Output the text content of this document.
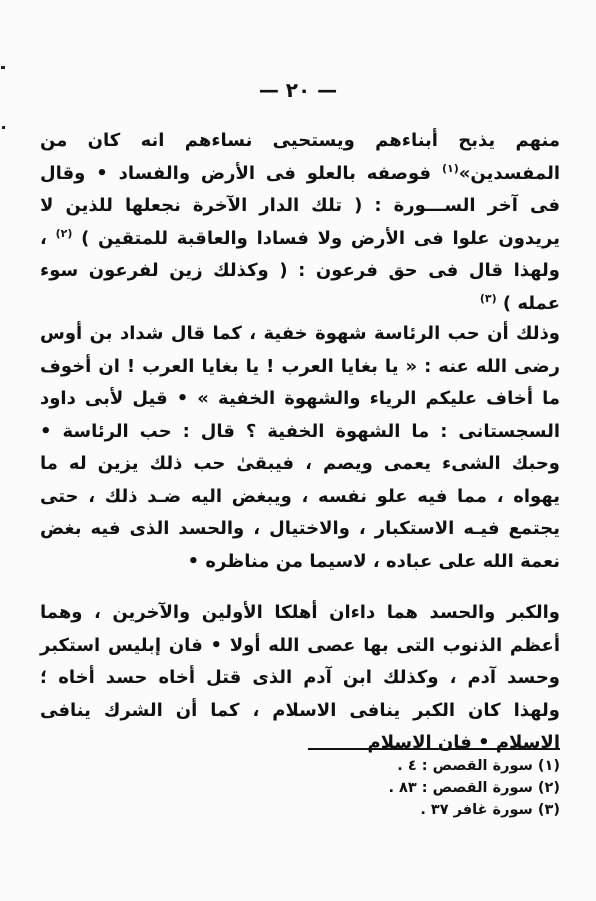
— ٢٠ —

منهم يذبح أبناءهم ويستحيى نساءهم انه كان من المفسدين»$^{(١)}$ فوصفه بالعلو فى الأرض والفساد • وقال فى آخر الســـورة : ( تلك الدار الآخرة نجعلها للذين لا يريدون علوا فى الأرض ولا فسادا والعاقبة للمتقين ) $^{(٢)}$ ، ولهذا قال فى حق فرعون : ( وكذلك زين لفرعون سوء عمله ) $^{(٣)}$

وذلك أن حب الرئاسة شهوة خفية ، كما قال شداد بن أوس رضى الله عنه : « يا بغايا العرب ! يا بغايا العرب ! ان أخوف ما أخاف عليكم الرياء والشهوة الخفية » • قيل لأبى داود السجستانى : ما الشهوة الخفية ؟ قال : حب الرئاسة • وحبك الشىء يعمى ويصم ، فيبقىٰ حب ذلك يزين له ما يهواه ، مما فيه علو نفسه ، ويبغض اليه ضـد ذلك ، حتى يجتمع فيـه الاستكبار ، والاختيال ، والحسد الذى فيه بغض نعمة الله على عباده ، لاسيما من مناظره •

والكبر والحسد هما داءان أهلكا الأولين والآخرين ، وهما أعظم الذنوب التى بها عصى الله أولا • فان إبليس استكبر وحسد آدم ، وكذلك ابن آدم الذى قتل أخاه حسد أخاه ؛ ولهذا كان الكبر ينافى الاسلام ، كما أن الشرك ينافى الاسلام • فان الاسلام

(١) سورة القصص : ٤ .
(٢) سورة القصص : ٨٣ .
(٣) سورة غافر ٣٧ .
